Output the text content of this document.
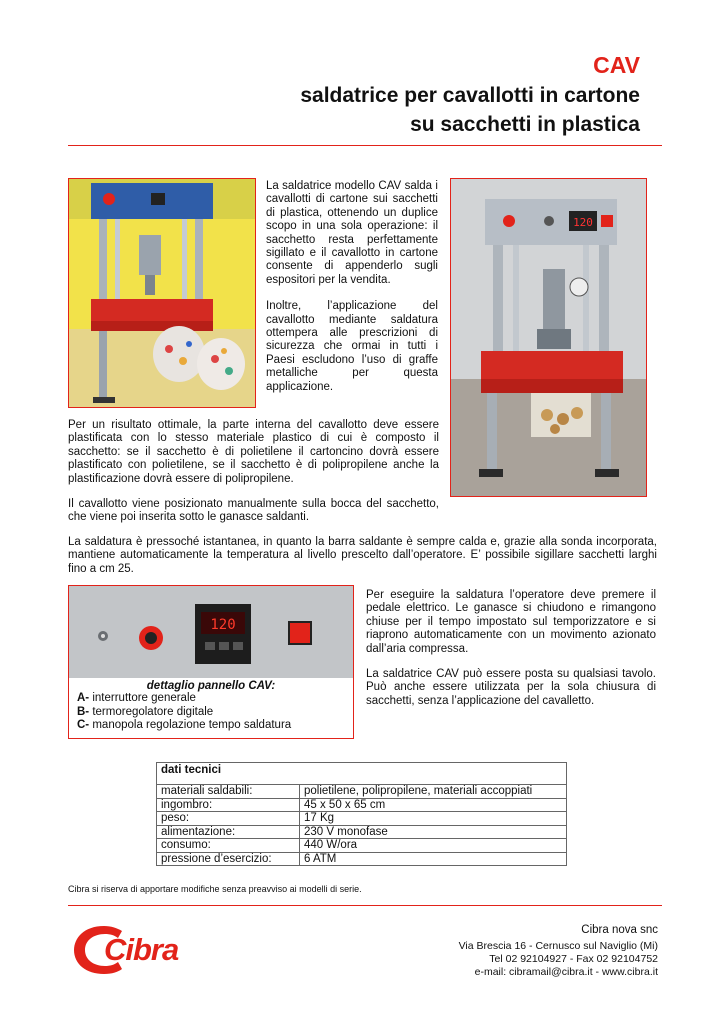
CAV
saldatrice per cavallotti in cartone
su sacchetti in plastica

La saldatrice modello CAV salda i cavallotti di cartone sui sacchetti di plastica, ottenendo un duplice scopo in una sola operazione: il sacchetto resta perfettamente sigillato e il cavallotto in cartone consente di appenderlo sugli espositori per la vendita.

Inoltre, l’applicazione del cavallotto mediante saldatura ottempera alle prescrizioni di sicurezza che ormai in tutti i Paesi escludono l’uso di graffe metalliche per questa applicazione.

120

Per un risultato ottimale, la parte interna del cavallotto deve essere plastificata con lo stesso materiale plastico di cui è composto il sacchetto: se il sacchetto è di polietilene il cartoncino dovrà essere plastificato con polietilene, se il sacchetto è di polipropilene anche la plastificazione dovrà essere di polipropilene.

Il cavallotto viene posizionato manualmente sulla bocca del sacchetto, che viene poi inserita sotto le ganasce saldanti.

La saldatura è pressoché istantanea, in quanto la barra saldante è sempre calda e, grazie alla sonda incorporata, mantiene automaticamente la temperatura al livello prescelto dall’operatore. E’ possibile sigillare sacchetti larghi fino a cm 25.

120
dettaglio pannello CAV:
A- interruttore generale
B- termoregolatore digitale
C- manopola regolazione tempo saldatura

Per eseguire la saldatura l’operatore deve premere il pedale elettrico. Le ganasce si chiudono e rimangono chiuse per il tempo impostato sul temporizzatore e si riaprono automaticamente con un movimento azionato dall’aria compressa.

La saldatrice CAV può essere posta su qualsiasi tavolo. Può anche essere utilizzata per la sola chiusura di sacchetti, senza l’applicazione del cavalletto.

dati tecnici	
materiali saldabili:	polietilene, polipropilene, materiali accoppiati
ingombro:	45 x 50 x 65 cm
peso:	17 Kg
alimentazione:	230 V monofase
consumo:	440 W/ora
pressione d’esercizio:	6 ATM
Cibra si riserva di apportare modifiche senza preavviso ai modelli di serie.
Cibra
Cibra nova snc
Via Brescia 16 - Cernusco sul Naviglio (Mi)
Tel 02 92104927 - Fax 02 92104752
e-mail: cibramail@cibra.it - www.cibra.it
